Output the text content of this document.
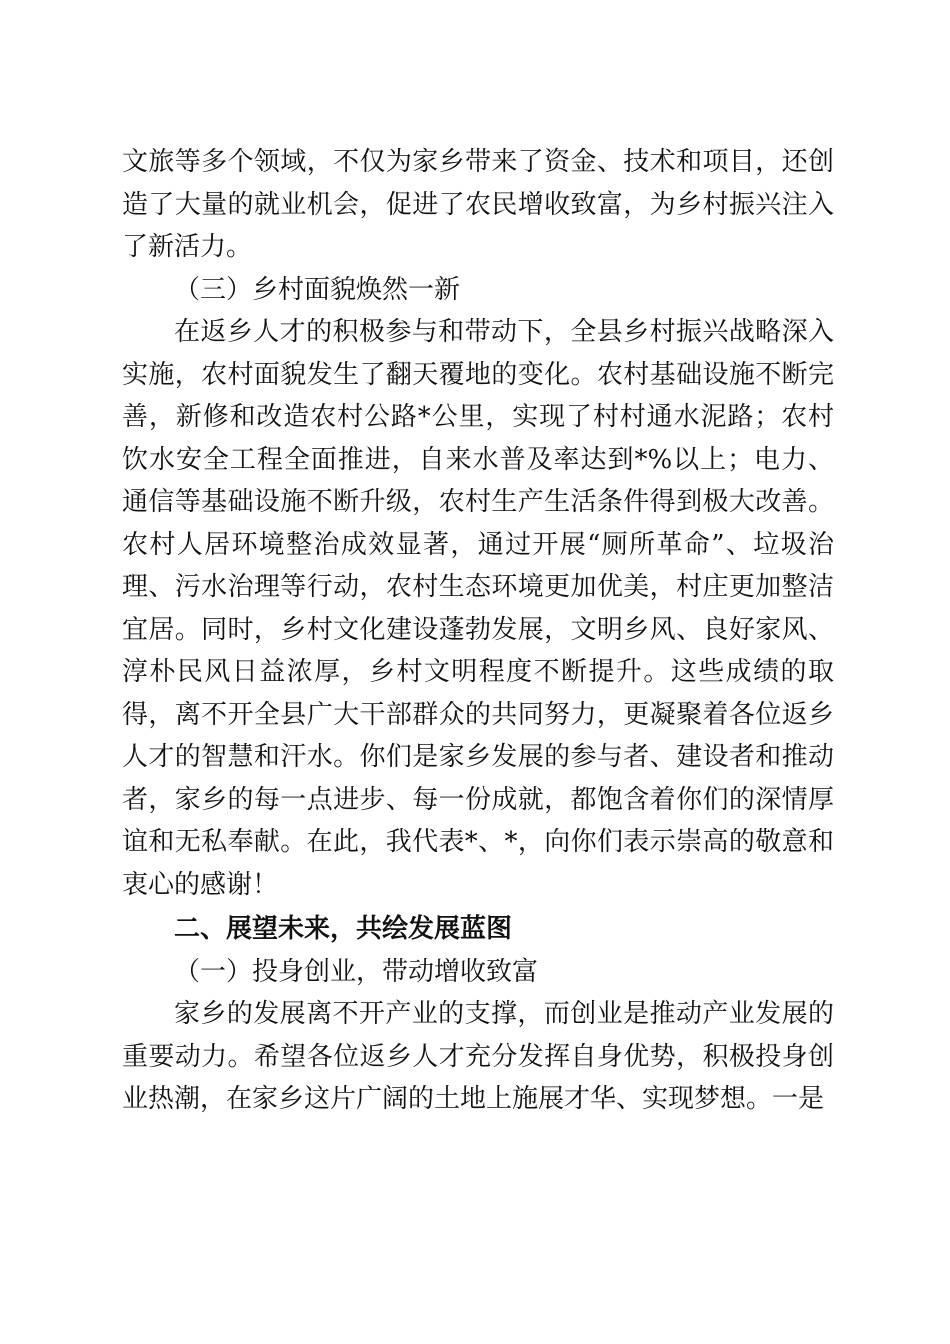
文旅等多个领域，不仅为家乡带来了资金、技术和项目，还创造了大量的就业机会，促进了农民增收致富，为乡村振兴注入了新活力。

（三）乡村面貌焕然一新

在返乡人才的积极参与和带动下，全县乡村振兴战略深入实施，农村面貌发生了翻天覆地的变化。农村基础设施不断完善，新修和改造农村公路*公里，实现了村村通水泥路；农村饮水安全工程全面推进，自来水普及率达到*%以上；电力、通信等基础设施不断升级，农村生产生活条件得到极大改善。农村人居环境整治成效显著，通过开展“厕所革命”、垃圾治理、污水治理等行动，农村生态环境更加优美，村庄更加整洁宜居。同时，乡村文化建设蓬勃发展，文明乡风、良好家风、淳朴民风日益浓厚，乡村文明程度不断提升。这些成绩的取得，离不开全县广大干部群众的共同努力，更凝聚着各位返乡人才的智慧和汗水。你们是家乡发展的参与者、建设者和推动者，家乡的每一点进步、每一份成就，都饱含着你们的深情厚谊和无私奉献。在此，我代表*、*，向你们表示崇高的敬意和衷心的感谢！

二、展望未来，共绘发展蓝图

（一）投身创业，带动增收致富

家乡的发展离不开产业的支撑，而创业是推动产业发展的重要动力。希望各位返乡人才充分发挥自身优势，积极投身创业热潮，在家乡这片广阔的土地上施展才华、实现梦想。一是
